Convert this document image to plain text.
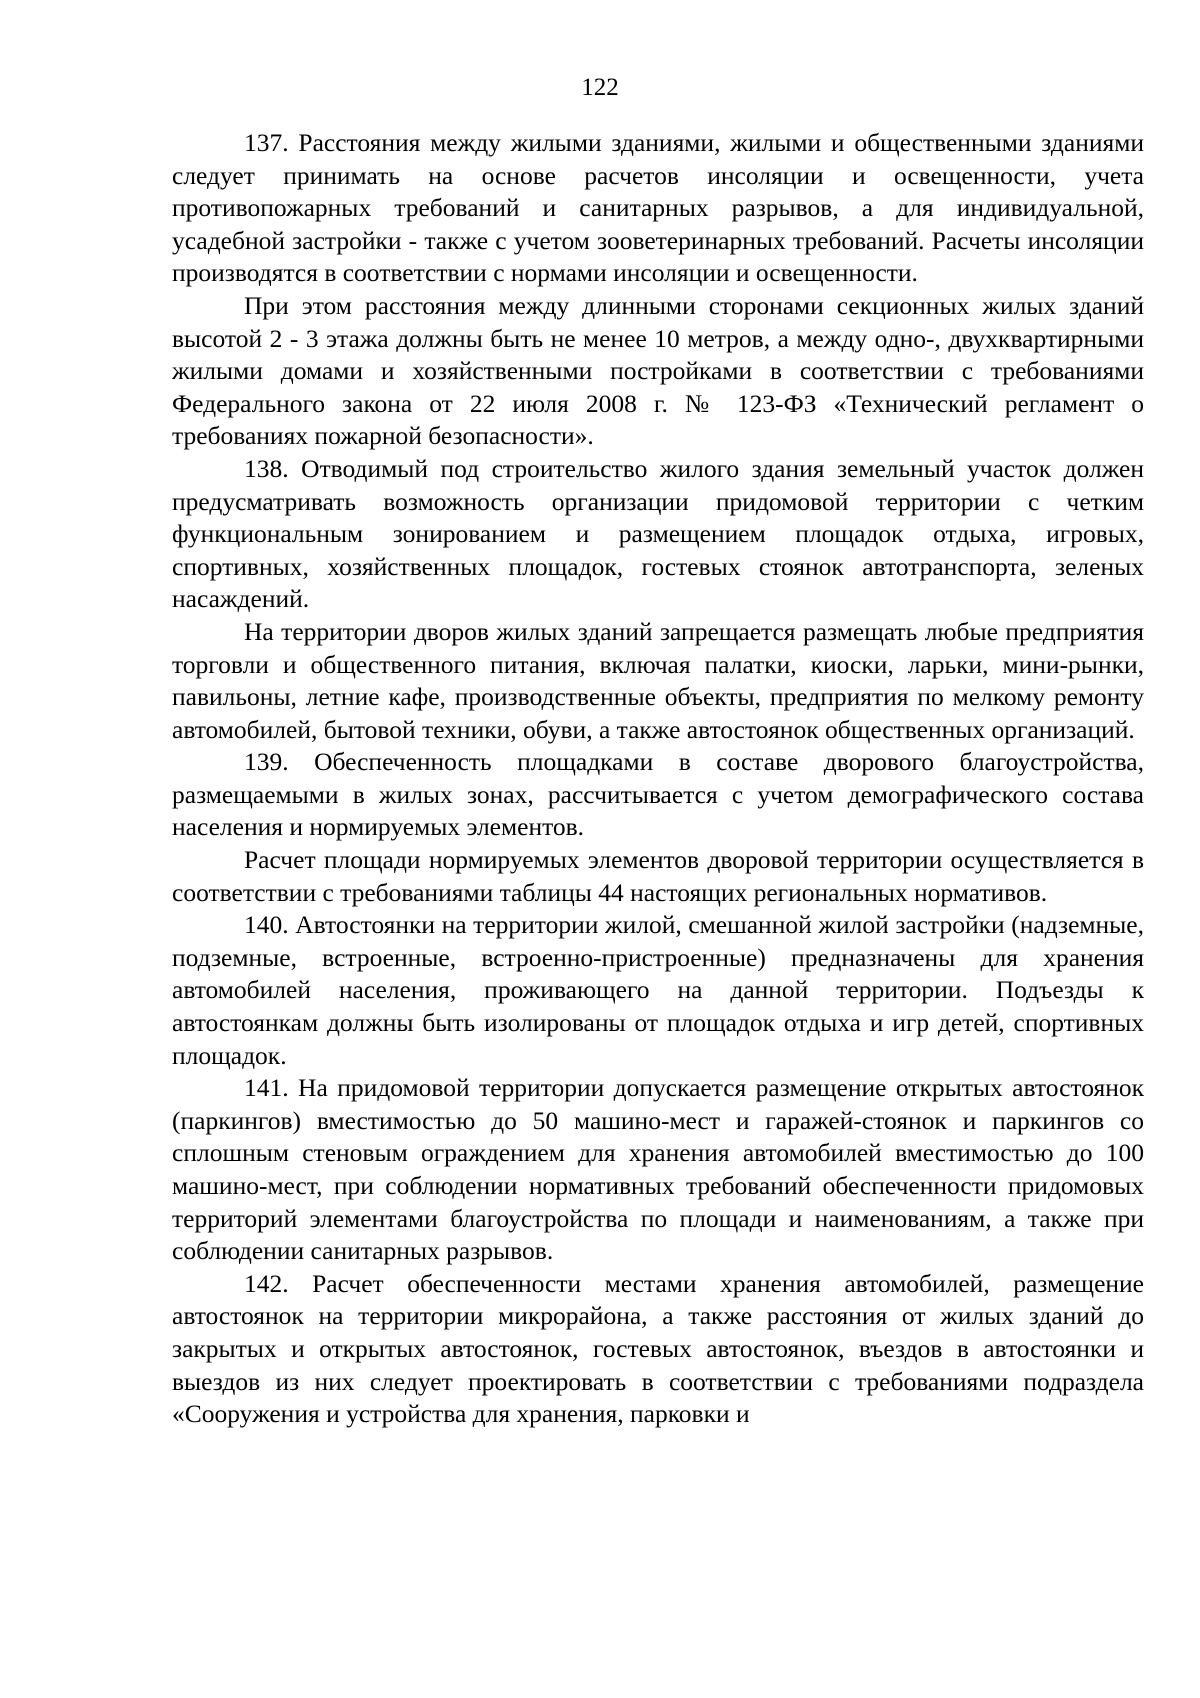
122

137. Расстояния между жилыми зданиями, жилыми и общественными зданиями следует принимать на основе расчетов инсоляции и освещенности, учета противопожарных требований и санитарных разрывов, а для индивидуальной, усадебной застройки - также с учетом зооветеринарных требований. Расчеты инсоляции производятся в соответствии с нормами инсоляции и освещенности.

При этом расстояния между длинными сторонами секционных жилых зданий высотой 2 - 3 этажа должны быть не менее 10 метров, а между одно-, двухквартирными жилыми домами и хозяйственными постройками в соответствии с требованиями Федерального закона от 22 июля 2008 г. № 123-ФЗ «Технический регламент о требованиях пожарной безопасности».

138. Отводимый под строительство жилого здания земельный участок должен предусматривать возможность организации придомовой территории с четким функциональным зонированием и размещением площадок отдыха, игровых, спортивных, хозяйственных площадок, гостевых стоянок автотранспорта, зеленых насаждений.

На территории дворов жилых зданий запрещается размещать любые предприятия торговли и общественного питания, включая палатки, киоски, ларьки, мини-рынки, павильоны, летние кафе, производственные объекты, предприятия по мелкому ремонту автомобилей, бытовой техники, обуви, а также автостоянок общественных организаций.

139. Обеспеченность площадками в составе дворового благоустройства, размещаемыми в жилых зонах, рассчитывается с учетом демографического состава населения и нормируемых элементов.

Расчет площади нормируемых элементов дворовой территории осуществляется в соответствии с требованиями таблицы 44 настоящих региональных нормативов.

140. Автостоянки на территории жилой, смешанной жилой застройки (надземные, подземные, встроенные, встроенно-пристроенные) предназначены для хранения автомобилей населения, проживающего на данной территории. Подъезды к автостоянкам должны быть изолированы от площадок отдыха и игр детей, спортивных площадок.

141. На придомовой территории допускается размещение открытых автостоянок (паркингов) вместимостью до 50 машино-мест и гаражей-стоянок и паркингов со сплошным стеновым ограждением для хранения автомобилей вместимостью до 100 машино-мест, при соблюдении нормативных требований обеспеченности придомовых территорий элементами благоустройства по площади и наименованиям, а также при соблюдении санитарных разрывов.

142. Расчет обеспеченности местами хранения автомобилей, размещение автостоянок на территории микрорайона, а также расстояния от жилых зданий до закрытых и открытых автостоянок, гостевых автостоянок, въездов в автостоянки и выездов из них следует проектировать в соответствии с требованиями подраздела «Сооружения и устройства для хранения, парковки и
